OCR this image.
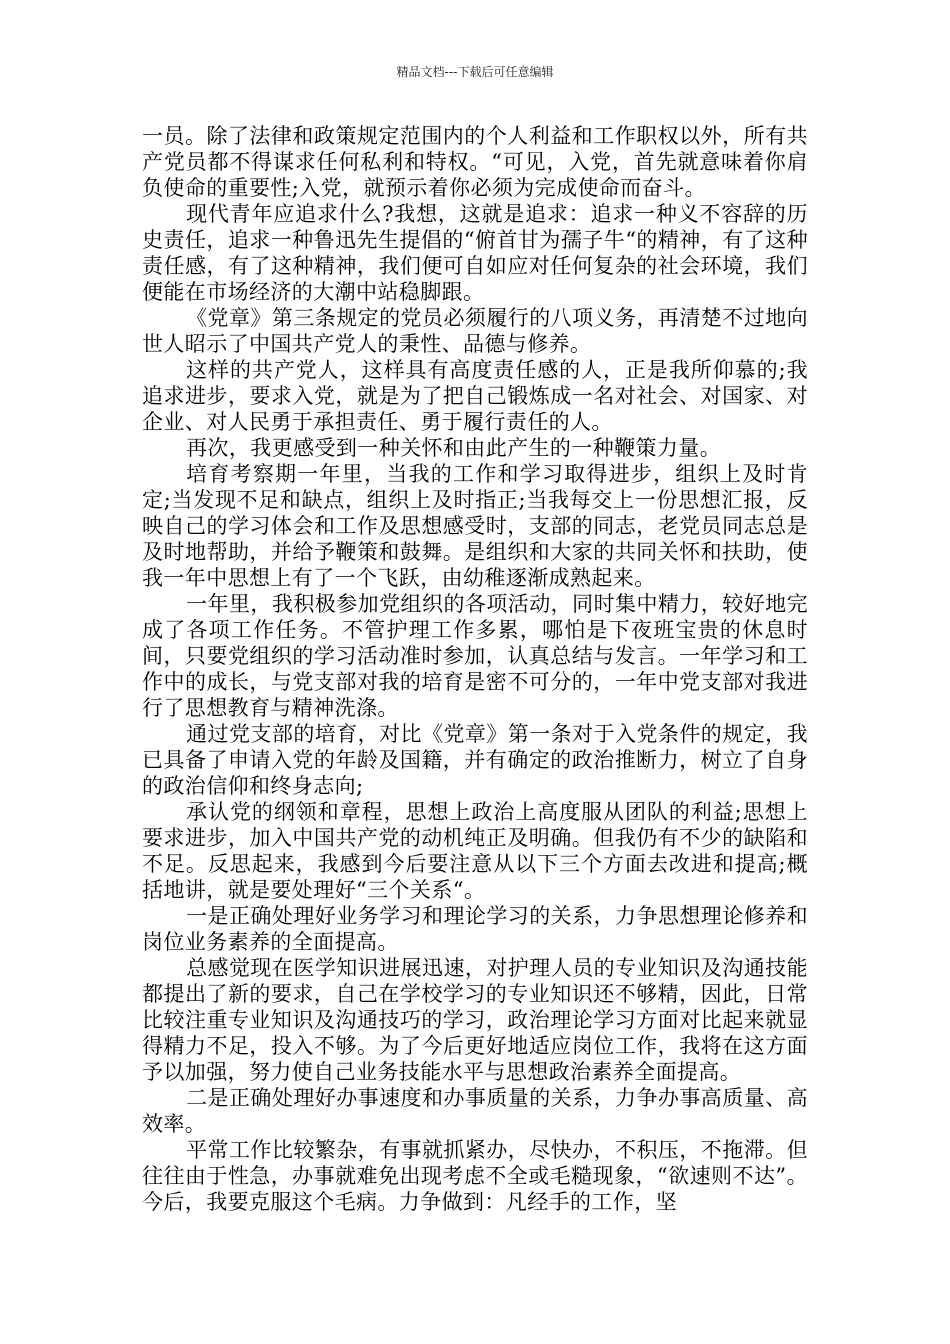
精品文档---下载后可任意编辑

一员。除了法律和政策规定范围内的个人利益和工作职权以外，所有共产党员都不得谋求任何私利和特权。“可见，入党，首先就意味着你肩负使命的重要性;入党，就预示着你必须为完成使命而奋斗。

现代青年应追求什么?我想，这就是追求：追求一种义不容辞的历史责任，追求一种鲁迅先生提倡的“俯首甘为孺子牛“的精神，有了这种责任感，有了这种精神，我们便可自如应对任何复杂的社会环境，我们便能在市场经济的大潮中站稳脚跟。

《党章》第三条规定的党员必须履行的八项义务，再清楚不过地向世人昭示了中国共产党人的秉性、品德与修养。

这样的共产党人，这样具有高度责任感的人，正是我所仰慕的;我追求进步，要求入党，就是为了把自己锻炼成一名对社会、对国家、对企业、对人民勇于承担责任、勇于履行责任的人。

再次，我更感受到一种关怀和由此产生的一种鞭策力量。

培育考察期一年里，当我的工作和学习取得进步，组织上及时肯定;当发现不足和缺点，组织上及时指正;当我每交上一份思想汇报，反映自己的学习体会和工作及思想感受时，支部的同志，老党员同志总是及时地帮助，并给予鞭策和鼓舞。是组织和大家的共同关怀和扶助，使我一年中思想上有了一个飞跃，由幼稚逐渐成熟起来。

一年里，我积极参加党组织的各项活动，同时集中精力，较好地完成了各项工作任务。不管护理工作多累，哪怕是下夜班宝贵的休息时间，只要党组织的学习活动准时参加，认真总结与发言。一年学习和工作中的成长，与党支部对我的培育是密不可分的，一年中党支部对我进行了思想教育与精神洗涤。

通过党支部的培育，对比《党章》第一条对于入党条件的规定，我已具备了申请入党的年龄及国籍，并有确定的政治推断力，树立了自身的政治信仰和终身志向;

承认党的纲领和章程，思想上政治上高度服从团队的利益;思想上要求进步，加入中国共产党的动机纯正及明确。但我仍有不少的缺陷和不足。反思起来，我感到今后要注意从以下三个方面去改进和提高;概括地讲，就是要处理好“三个关系“。

一是正确处理好业务学习和理论学习的关系，力争思想理论修养和岗位业务素养的全面提高。

总感觉现在医学知识进展迅速，对护理人员的专业知识及沟通技能都提出了新的要求，自己在学校学习的专业知识还不够精，因此，日常比较注重专业知识及沟通技巧的学习，政治理论学习方面对比起来就显得精力不足，投入不够。为了今后更好地适应岗位工作，我将在这方面予以加强，努力使自己业务技能水平与思想政治素养全面提高。

二是正确处理好办事速度和办事质量的关系，力争办事高质量、高效率。

平常工作比较繁杂，有事就抓紧办，尽快办，不积压，不拖滞。但往往由于性急，办事就难免出现考虑不全或毛糙现象，“欲速则不达”。今后，我要克服这个毛病。力争做到：凡经手的工作，坚
